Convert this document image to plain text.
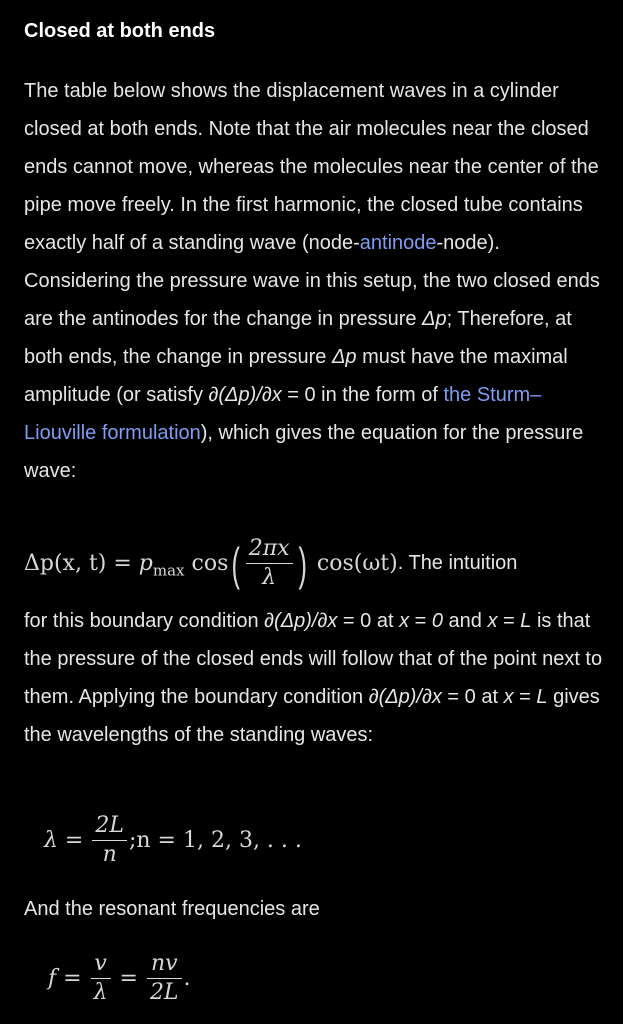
Closed at both ends

The table below shows the displacement waves in a cylinder closed at both ends. Note that the air molecules near the closed ends cannot move, whereas the molecules near the center of the pipe move freely. In the first harmonic, the closed tube contains exactly half of a standing wave (node-antinode-node). Considering the pressure wave in this setup, the two closed ends are the antinodes for the change in pressure Δp; Therefore, at both ends, the change in pressure Δp must have the maximal amplitude (or satisfy ∂(Δp)/∂x = 0 in the form of the Sturm–Liouville formulation), which gives the equation for the pressure wave:

Δp(x, $t) = p_{max}$ $\cos( \frac{2\pi x}{\lambda}$ ) cos(ωt). The intuition

for this boundary condition ∂(Δp)/∂x = 0 at x = 0 and x = L is that the pressure of the closed ends will follow that of the point next to them. Applying the boundary condition ∂(Δp)/∂x = 0 at x = L gives the wavelengths of the standing waves:

$\lambda = \frac{2L}{n}$ ;n = 1, 2, 3, . . .

And the resonant frequencies are

$f = \frac{v}{\lambda} = \frac{nv}{2L}$ .
